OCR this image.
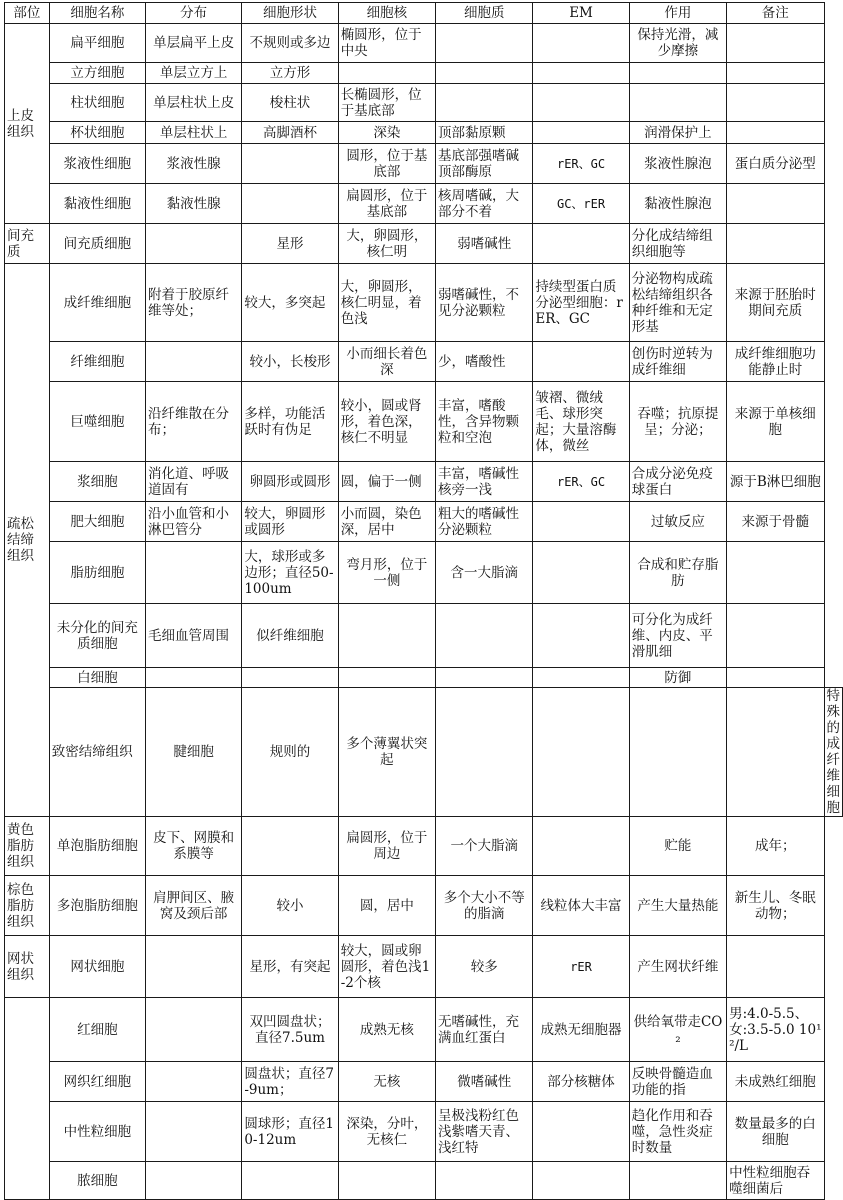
部位	细胞名称	分布	细胞形状	细胞核	细胞质	EM	作用	备注	
上皮组织	扁平细胞	单层扁平上皮	不规则或多边	椭圆形，位于中央			保持光滑，减少摩擦		
	立方细胞	单层立方上	立方形						
	柱状细胞	单层柱状上皮	梭柱状	长椭圆形，位于基底部					
	杯状细胞	单层柱状上	高脚酒杯	深染	顶部黏原颗		润滑保护上		
	浆液性细胞	浆液性腺		圆形，位于基底部	基底部强嗜碱顶部酶原	rER、GC	浆液性腺泡	蛋白质分泌型	
	黏液性细胞	黏液性腺		扁圆形，位于基底部	核周嗜碱，大部分不着	GC、rER	黏液性腺泡		
间充质	间充质细胞		星形	大，卵圆形，核仁明	弱嗜碱性		分化成结缔组织细胞等		
疏松结缔组织	成纤维细胞	附着于胶原纤维等处；	较大，多突起	大，卵圆形，核仁明显，着色浅	弱嗜碱性，不见分泌颗粒	持续型蛋白质分泌型细胞：rER、GC	分泌物构成疏松结缔组织各种纤维和无定形基	来源于胚胎时期间充质	
	纤维细胞		较小，长梭形	小而细长着色深	少，嗜酸性		创伤时逆转为成纤维细	成纤维细胞功能静止时	
	巨噬细胞	沿纤维散在分布；	多样，功能活跃时有伪足	较小，圆或肾形，着色深，核仁不明显	丰富，嗜酸性，含异物颗粒和空泡	皱褶、微绒毛、球形突起；大量溶酶体，微丝	吞噬；抗原提呈；分泌；	来源于单核细胞	
	浆细胞	消化道、呼吸道固有	卵圆形或圆形	圆，偏于一侧	丰富，嗜碱性核旁一浅	rER、GC	合成分泌免疫球蛋白	源于B淋巴细胞	
	肥大细胞	沿小血管和小淋巴管分	较大，卵圆形或圆形	小而圆，染色深，居中	粗大的嗜碱性分泌颗粒		过敏反应	来源于骨髓	
	脂肪细胞		大，球形或多边形；直径50-100um	弯月形，位于一侧	含一大脂滴		合成和贮存脂肪		
	未分化的间充质细胞	毛细血管周围	似纤维细胞				可分化为成纤维、内皮、平滑肌细		
	白细胞						防御		
	致密结缔组织	腱细胞	规则的	多个薄翼状突起					特殊的成纤维细胞
黄色脂肪组织	单泡脂肪细胞	皮下、网膜和系膜等		扁圆形，位于周边	一个大脂滴		贮能	成年；	
棕色脂肪组织	多泡脂肪细胞	肩胛间区、腋窝及颈后部	较小	圆，居中	多个大小不等的脂滴	线粒体大丰富	产生大量热能	新生儿、冬眠动物；	
网状组织	网状细胞		星形，有突起	较大，圆或卵圆形，着色浅1-2个核	较多	rER	产生网状纤维		
	红细胞		双凹圆盘状；直径7.5um	成熟无核	无嗜碱性，充满血红蛋白	成熟无细胞器	供给氧带走CO₂	男:4.0-5.5、女:3.5-5.0 10¹²/L	
	网织红细胞		圆盘状；直径7-9um；	无核	微嗜碱性	部分核糖体	反映骨髓造血功能的指	未成熟红细胞	
	中性粒细胞		圆球形；直径10-12um	深染，分叶，无核仁	呈极浅粉红色浅紫嗜天青、浅红特		趋化作用和吞噬，急性炎症时数量	数量最多的白细胞	
	脓细胞							中性粒细胞吞噬细菌后	
